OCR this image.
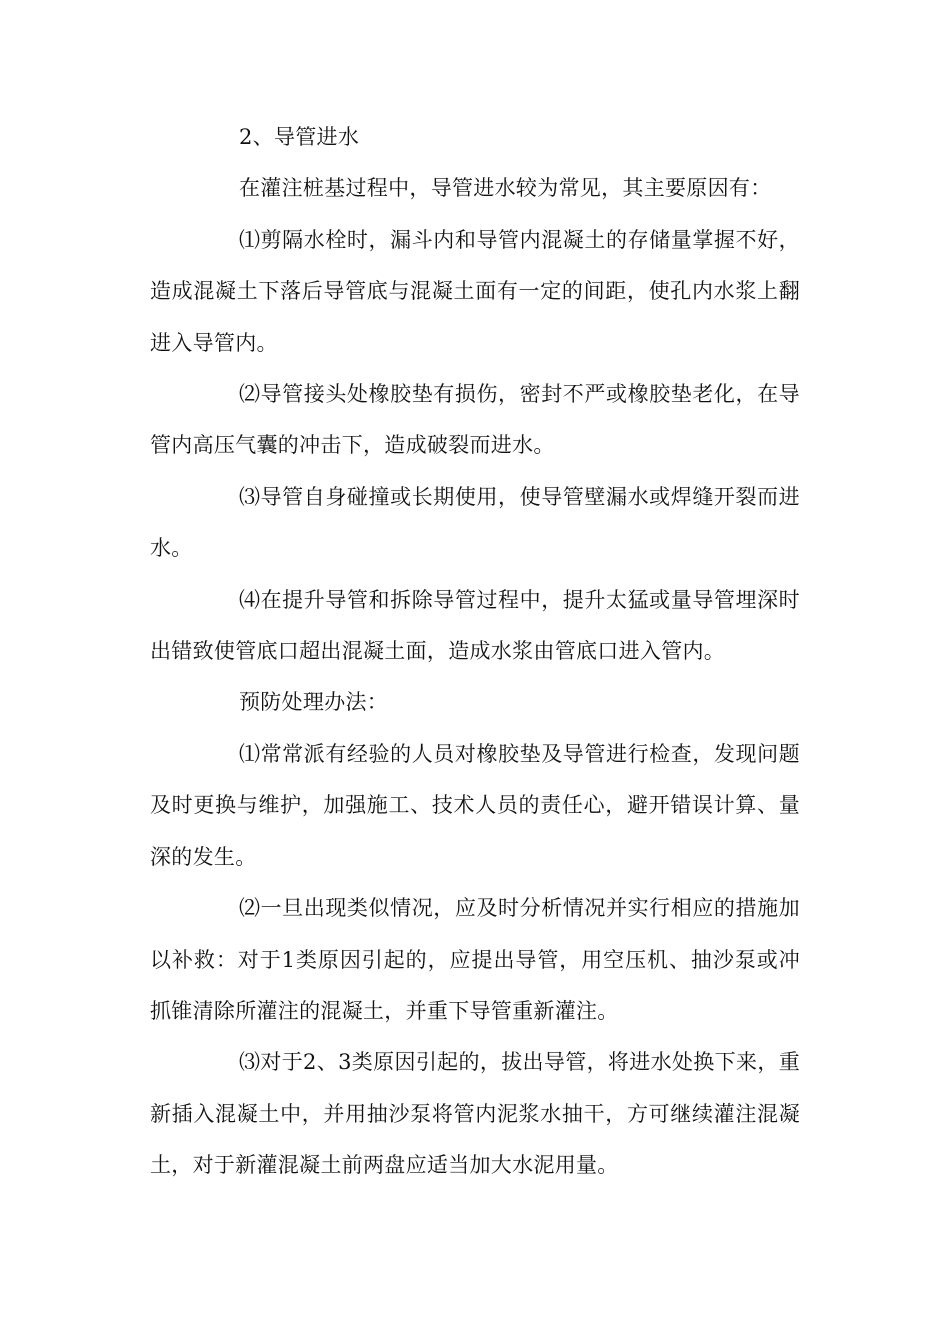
2、导管进水

在灌注桩基过程中，导管进水较为常见，其主要原因有：

⑴剪隔水栓时，漏斗内和导管内混凝土的存储量掌握不好，造成混凝土下落后导管底与混凝土面有一定的间距，使孔内水浆上翻进入导管内。

⑵导管接头处橡胶垫有损伤，密封不严或橡胶垫老化，在导管内高压气囊的冲击下，造成破裂而进水。

⑶导管自身碰撞或长期使用，使导管壁漏水或焊缝开裂而进水。

⑷在提升导管和拆除导管过程中，提升太猛或量导管埋深时出错致使管底口超出混凝土面，造成水浆由管底口进入管内。

预防处理办法：

⑴常常派有经验的人员对橡胶垫及导管进行检查，发现问题及时更换与维护，加强施工、技术人员的责任心，避开错误计算、量深的发生。

⑵一旦出现类似情况，应及时分析情况并实行相应的措施加以补救：对于1类原因引起的，应提出导管，用空压机、抽沙泵或冲抓锥清除所灌注的混凝土，并重下导管重新灌注。

⑶对于2、3类原因引起的，拔出导管，将进水处换下来，重新插入混凝土中，并用抽沙泵将管内泥浆水抽干，方可继续灌注混凝土，对于新灌混凝土前两盘应适当加大水泥用量。
